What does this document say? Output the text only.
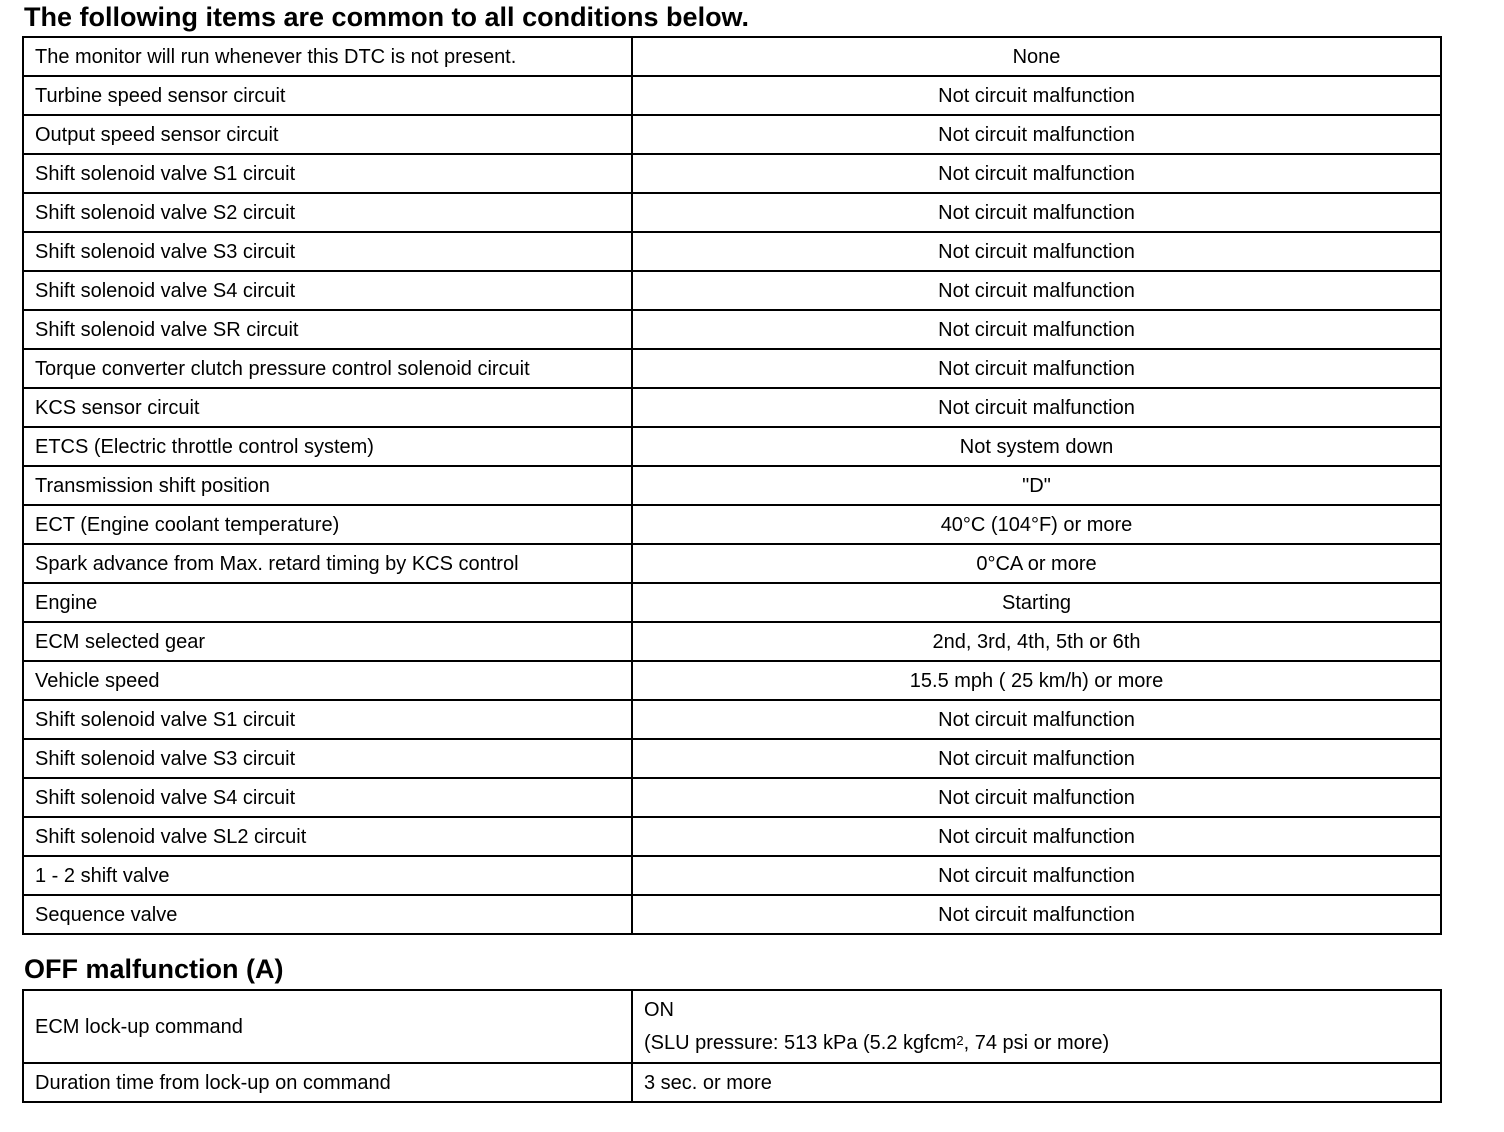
The following items are common to all conditions below.
The monitor will run whenever this DTC is not present.	None
Turbine speed sensor circuit	Not circuit malfunction
Output speed sensor circuit	Not circuit malfunction
Shift solenoid valve S1 circuit	Not circuit malfunction
Shift solenoid valve S2 circuit	Not circuit malfunction
Shift solenoid valve S3 circuit	Not circuit malfunction
Shift solenoid valve S4 circuit	Not circuit malfunction
Shift solenoid valve SR circuit	Not circuit malfunction
Torque converter clutch pressure control solenoid circuit	Not circuit malfunction
KCS sensor circuit	Not circuit malfunction
ETCS (Electric throttle control system)	Not system down
Transmission shift position	"D"
ECT (Engine coolant temperature)	40°C (104°F) or more
Spark advance from Max. retard timing by KCS control	0°CA or more
Engine	Starting
ECM selected gear	2nd, 3rd, 4th, 5th or 6th
Vehicle speed	15.5 mph ( 25 km/h) or more
Shift solenoid valve S1 circuit	Not circuit malfunction
Shift solenoid valve S3 circuit	Not circuit malfunction
Shift solenoid valve S4 circuit	Not circuit malfunction
Shift solenoid valve SL2 circuit	Not circuit malfunction
1 - 2 shift valve	Not circuit malfunction
Sequence valve	Not circuit malfunction
OFF malfunction (A)
ECM lock-up command	ON
(SLU pressure: 513 kPa (5.2 kgfcm$^2$, 74 psi or more)

Duration time from lock-up on command	3 sec. or more
